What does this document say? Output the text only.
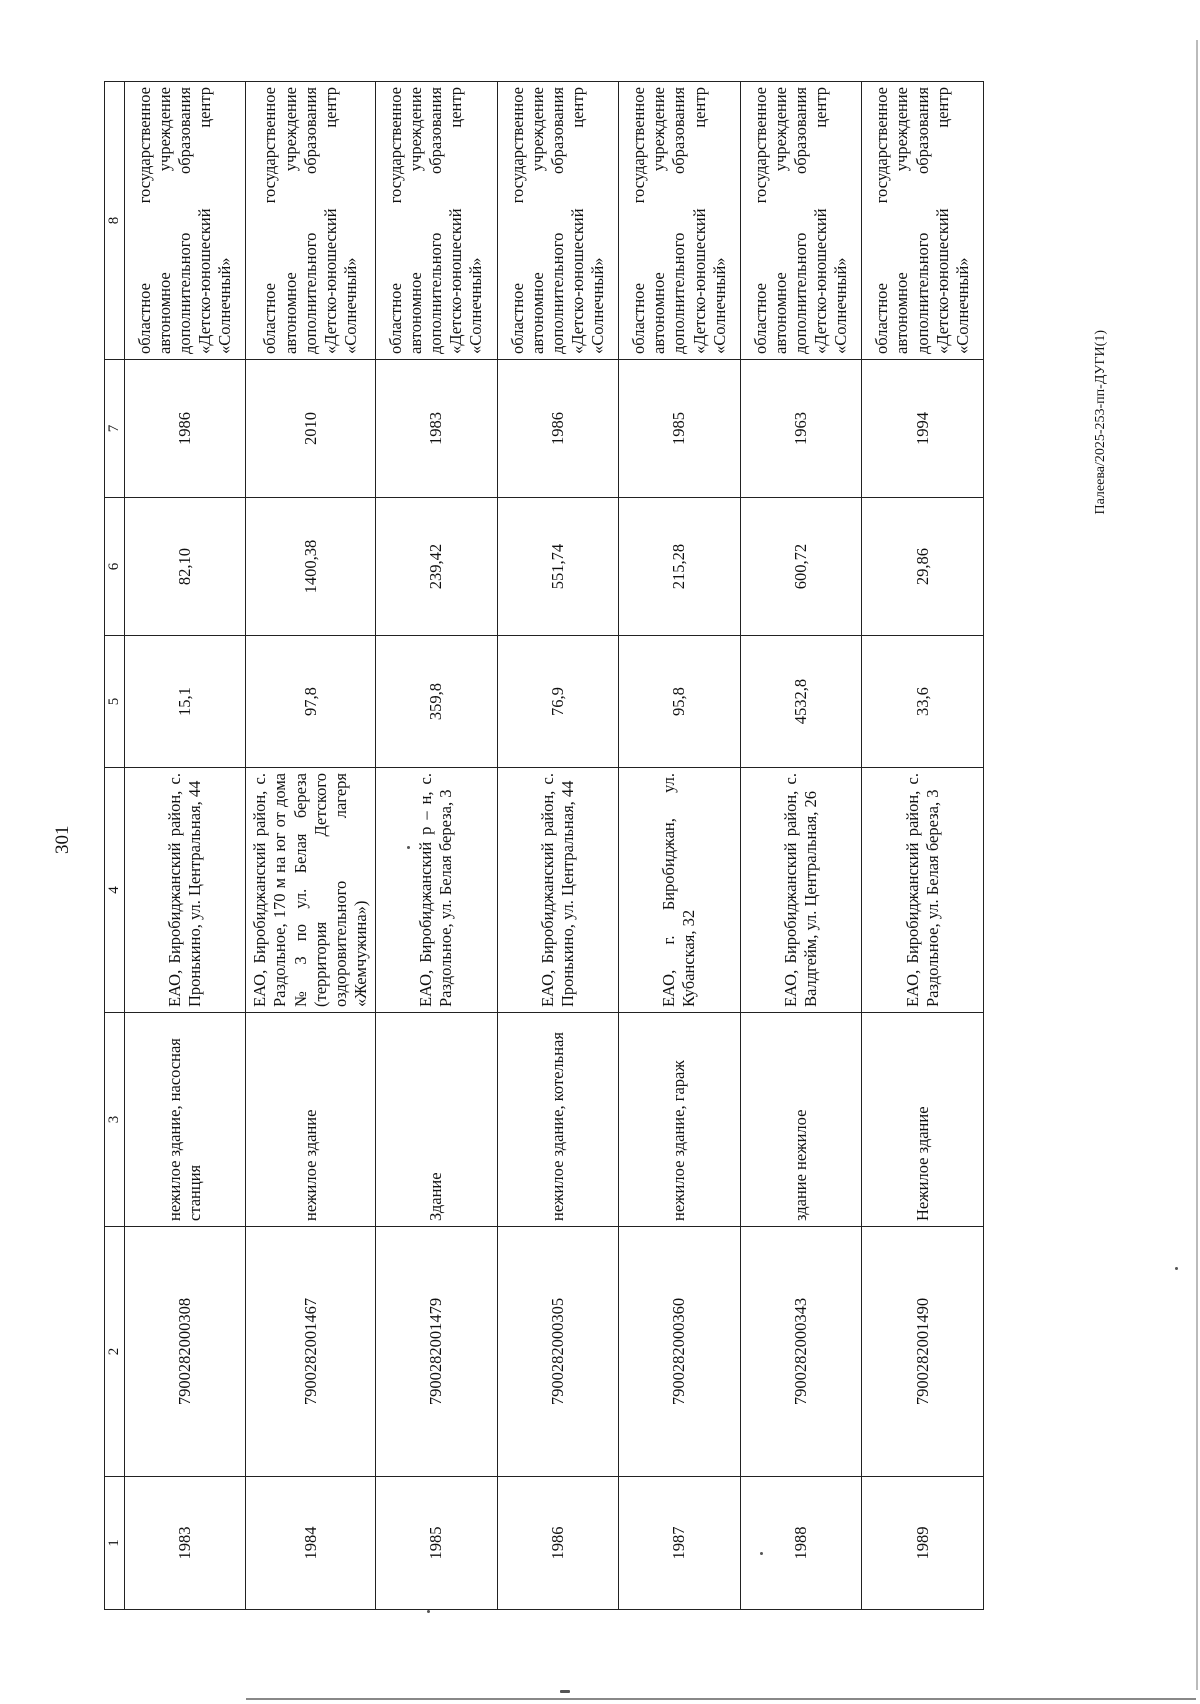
301
1	2	3	4	5	6	7	8
1983	7900282000308	нежилое здание, насосная станция	ЕАО, Биробиджанский район, с. Пронькино, ул. Центральная, 44	15,1	82,10	1986	областное государственное автономное учреждение дополнительного образования «Детско-юношеский центр «Солнечный»
1984	7900282001467	нежилое здание	ЕАО, Биробиджанский район, с. Раздольное, 170 м на юг от дома № 3 по ул. Белая береза (территория Детского оздоровительного лагеря «Жемчужина»)	97,8	1400,38	2010	областное государственное автономное учреждение дополнительного образования «Детско-юношеский центр «Солнечный»
1985	7900282001479	Здание	ЕАО, Биробиджанский р – н, с. Раздольное, ул. Белая береза, 3	359,8	239,42	1983	областное государственное автономное учреждение дополнительного образования «Детско-юношеский центр «Солнечный»
1986	7900282000305	нежилое здание, котельная	ЕАО, Биробиджанский район, с. Пронькино, ул. Центральная, 44	76,9	551,74	1986	областное государственное автономное учреждение дополнительного образования «Детско-юношеский центр «Солнечный»
1987	7900282000360	нежилое здание, гараж	ЕАО, г. Биробиджан, ул. Кубанская, 32	95,8	215,28	1985	областное государственное автономное учреждение дополнительного образования «Детско-юношеский центр «Солнечный»
1988	7900282000343	здание нежилое	ЕАО, Биробиджанский район, с. Валдгейм, ул. Центральная, 26	4532,8	600,72	1963	областное государственное автономное учреждение дополнительного образования «Детско-юношеский центр «Солнечный»
1989	7900282001490	Нежилое здание	ЕАО, Биробиджанский район, с. Раздольное, ул. Белая береза, 3	33,6	29,86	1994	областное государственное автономное учреждение дополнительного образования «Детско-юношеский центр «Солнечный»
Палеева/2025-253-пп-ДУГИ(1)
